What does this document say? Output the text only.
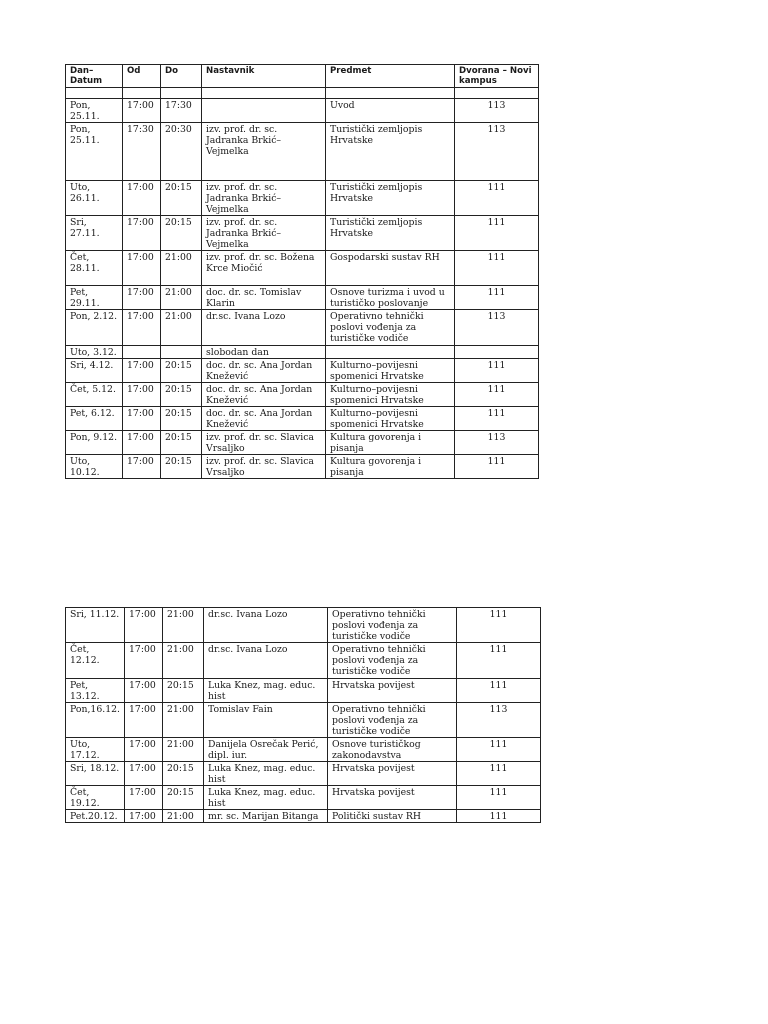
Dan–
Datum	Od	Do	Nastavnik	Predmet	Dvorana – Novi kampus

Pon, 25.11.	17:00	17:30		Uvod	113
Pon, 25.11.	17:30	20:30	izv. prof. dr. sc. Jadranka Brkić–Vejmelka	Turistički zemljopis Hrvatske	113
Uto, 26.11.	17:00	20:15	izv. prof. dr. sc. Jadranka Brkić–Vejmelka	Turistički zemljopis Hrvatske	111
Sri, 27.11.	17:00	20:15	izv. prof. dr. sc. Jadranka Brkić–Vejmelka	Turistički zemljopis Hrvatske	111
Čet, 28.11.	17:00	21:00	izv. prof. dr. sc. Božena Krce Miočić	Gospodarski sustav RH	111
Pet, 29.11.	17:00	21:00	doc. dr. sc. Tomislav Klarin	Osnove turizma i uvod u turističko poslovanje	111
Pon, 2.12.	17:00	21:00	dr.sc. Ivana Lozo	Operativno tehnički poslovi vođenja za turističke vodiče	113
Uto, 3.12.			slobodan dan		
Sri, 4.12.	17:00	20:15	doc. dr. sc. Ana Jordan Knežević	Kulturno–povijesni spomenici Hrvatske	111
Čet, 5.12.	17:00	20:15	doc. dr. sc. Ana Jordan Knežević	Kulturno–povijesni spomenici Hrvatske	111
Pet, 6.12.	17:00	20:15	doc. dr. sc. Ana Jordan Knežević	Kulturno–povijesni spomenici Hrvatske	111
Pon, 9.12.	17:00	20:15	izv. prof. dr. sc. Slavica Vrsaljko	Kultura govorenja i pisanja	113
Uto, 10.12.	17:00	20:15	izv. prof. dr. sc. Slavica Vrsaljko	Kultura govorenja i pisanja	111
Sri, 11.12.	17:00	21:00	dr.sc. Ivana Lozo	Operativno tehnički poslovi vođenja za turističke vodiče	111
Čet, 12.12.	17:00	21:00	dr.sc. Ivana Lozo	Operativno tehnički poslovi vođenja za turističke vodiče	111
Pet, 13.12.	17:00	20:15	Luka Knez, mag. educ. hist	Hrvatska povijest	111
Pon,16.12.	17:00	21:00	Tomislav Fain	Operativno tehnički poslovi vođenja za turističke vodiče	113
Uto, 17.12.	17:00	21:00	Danijela Osrečak Perić, dipl. iur.	Osnove turističkog zakonodavstva	111
Sri, 18.12.	17:00	20:15	Luka Knez, mag. educ. hist	Hrvatska povijest	111
Čet, 19.12.	17:00	20:15	Luka Knez, mag. educ. hist	Hrvatska povijest	111
Pet.20.12.	17:00	21:00	mr. sc. Marijan Bitanga	Politički sustav RH	111
